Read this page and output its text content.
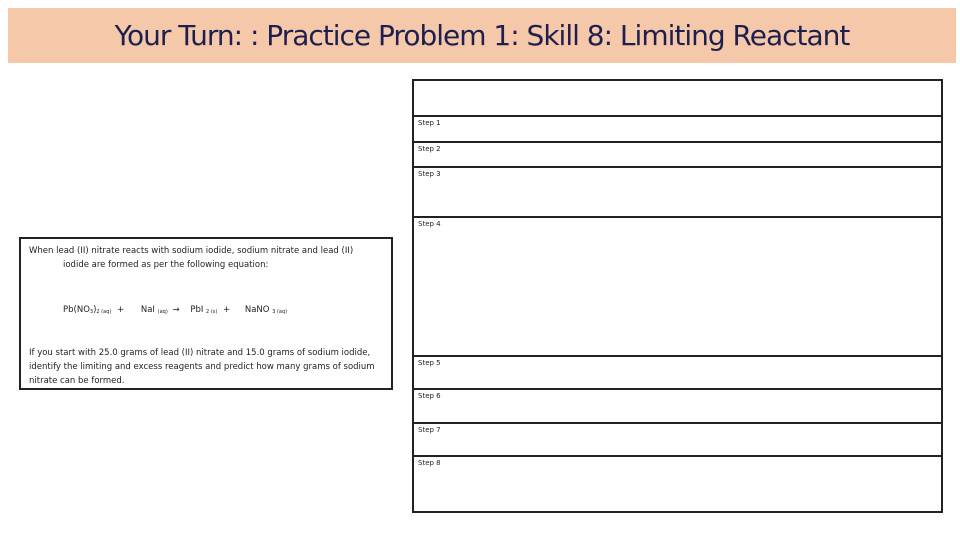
Your Turn: : Practice Problem 1: Skill 8: Limiting Reactant
Step 1
Step 2
Step 3
Step 4
Step 5
Step 6
Step 7
Step 8
When lead (II) nitrate reacts with sodium iodide, sodium nitrate and lead (II)
iodide are formed as per the following equation:
$Pb(NO_3)_{2 (aq)}$ + NaI $_{(aq)}$ → PbI $_{2 (s)}$ + NaNO $_{3 (aq)}$
If you start with 25.0 grams of lead (II) nitrate and 15.0 grams of sodium iodide, identify the limiting and excess reagents and predict how many grams of sodium nitrate can be formed.
